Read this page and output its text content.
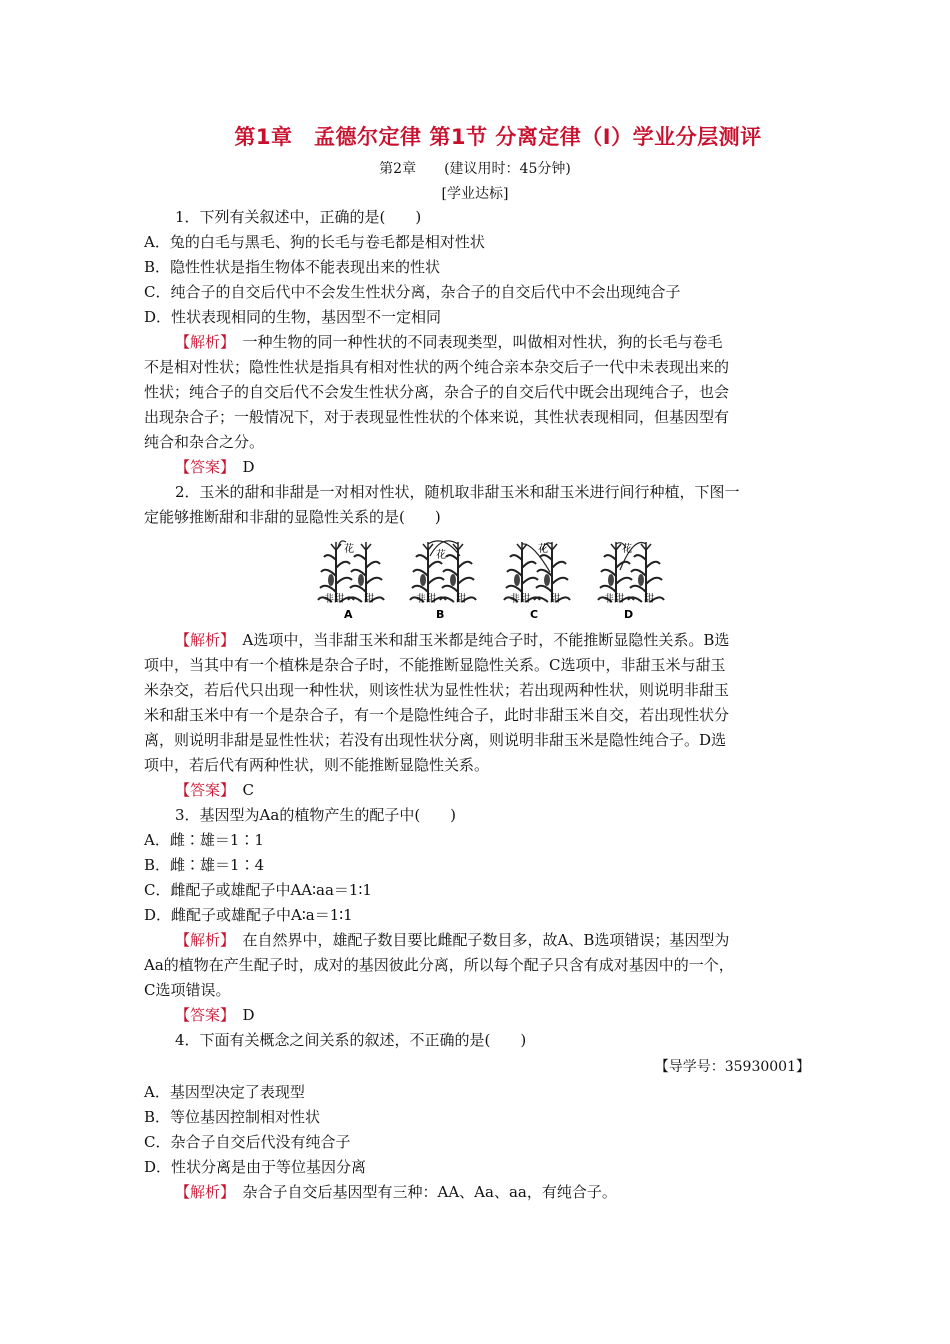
第1章　孟德尔定律 第1节 分离定律（Ⅰ）学业分层测评
第2章　　(建议用时：45分钟)
[学业达标]
1．下列有关叙述中，正确的是(　　)
A．兔的白毛与黑毛、狗的长毛与卷毛都是相对性状
B．隐性性状是指生物体不能表现出来的性状
C．纯合子的自交后代中不会发生性状分离，杂合子的自交后代中不会出现纯合子
D．性状表现相同的生物，基因型不一定相同
【解析】　一种生物的同一种性状的不同表现类型，叫做相对性状，狗的长毛与卷毛
不是相对性状；隐性性状是指具有相对性状的两个纯合亲本杂交后子一代中未表现出来的
性状；纯合子的自交后代不会发生性状分离，杂合子的自交后代中既会出现纯合子，也会
出现杂合子；一般情况下，对于表现显性性状的个体来说，其性状表现相同，但基因型有
纯合和杂合之分。
【答案】　D
2．玉米的甜和非甜是一对相对性状，随机取非甜玉米和甜玉米进行间行种植，下图一
定能够推断甜和非甜的显隐性关系的是(　　)
花
非甜 甜
A
花
非甜 甜
B
花
非甜 甜
C
花
非甜 甜
D
【解析】　A选项中，当非甜玉米和甜玉米都是纯合子时，不能推断显隐性关系。B选
项中，当其中有一个植株是杂合子时，不能推断显隐性关系。C选项中，非甜玉米与甜玉
米杂交，若后代只出现一种性状，则该性状为显性性状；若出现两种性状，则说明非甜玉
米和甜玉米中有一个是杂合子，有一个是隐性纯合子，此时非甜玉米自交，若出现性状分
离，则说明非甜是显性性状；若没有出现性状分离，则说明非甜玉米是隐性纯合子。D选
项中，若后代有两种性状，则不能推断显隐性关系。
【答案】　C
3．基因型为Aa的植物产生的配子中(　　)
A．雌∶雄＝1∶1
B．雌∶雄＝1∶4
C．雌配子或雄配子中AA∶aa＝1∶1
D．雌配子或雄配子中A∶a＝1∶1
【解析】　在自然界中，雄配子数目要比雌配子数目多，故A、B选项错误；基因型为
Aa的植物在产生配子时，成对的基因彼此分离，所以每个配子只含有成对基因中的一个，
C选项错误。
【答案】　D
4．下面有关概念之间关系的叙述，不正确的是(　　)
【导学号：35930001】
A．基因型决定了表现型
B．等位基因控制相对性状
C．杂合子自交后代没有纯合子
D．性状分离是由于等位基因分离
【解析】　杂合子自交后基因型有三种：AA、Aa、aa，有纯合子。
